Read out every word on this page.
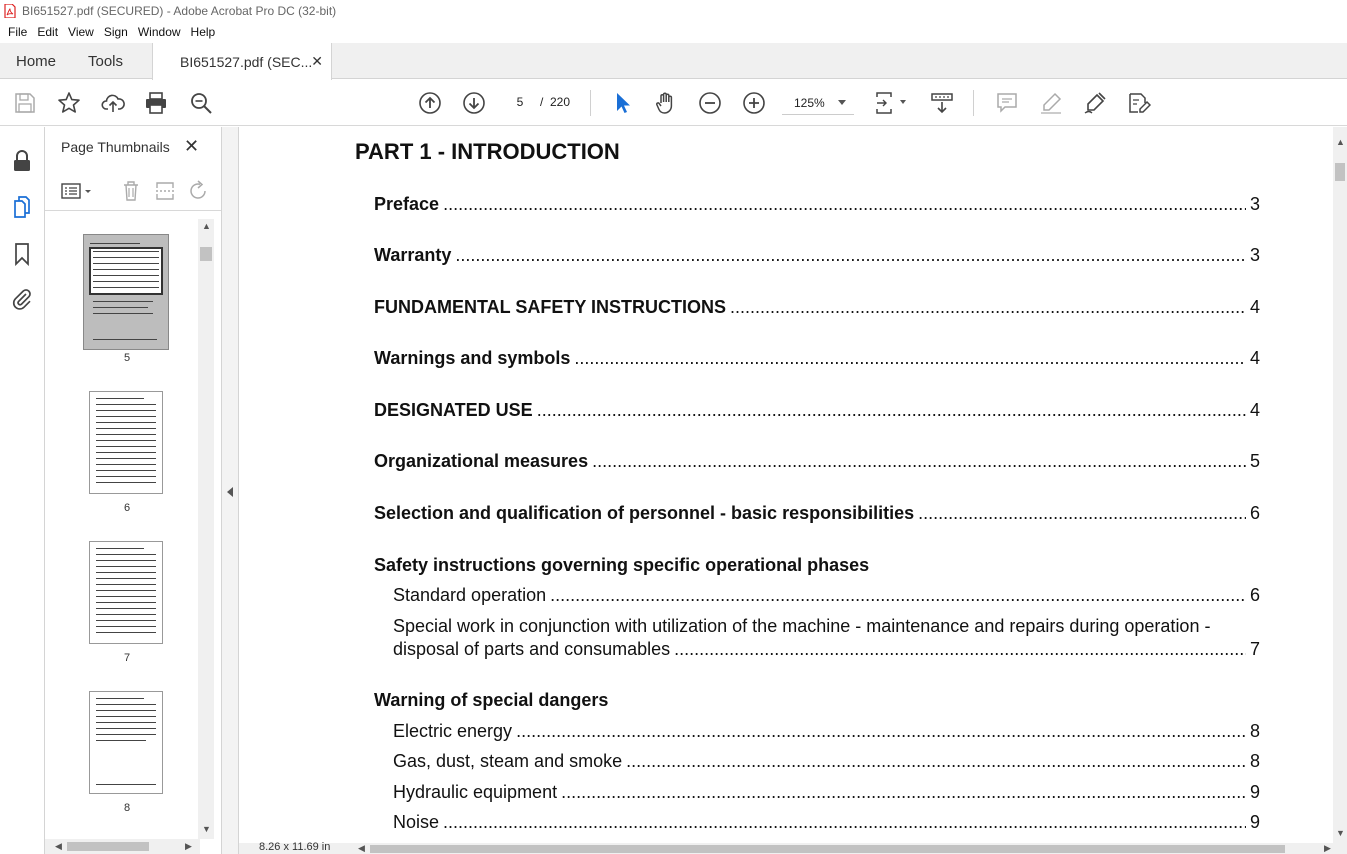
BI651527.pdf (SECURED) - Adobe Acrobat Pro DC (32-bit)
File Edit View Sign Window Help
Home Tools	BI651527.pdf (SEC...
✕
5
/ 220	125%
Page Thumbnails ✕
5
6
7
8
▲
▼
◀	▶
PART 1 - INTRODUCTION
Preface .....	3
Warranty .....	3
FUNDAMENTAL SAFETY INSTRUCTIONS .....	4
Warnings and symbols .....	4
DESIGNATED USE .....	4
Organizational measures .....	5
Selection and qualification of personnel - basic responsibilities .....	6
Safety instructions governing specific operational phases
Standard operation .....	6
Special work in conjunction with utilization of the machine - maintenance and repairs during operation -
disposal of parts and consumables .....	7
Warning of special dangers
Electric energy .....	8
Gas, dust, steam and smoke .....	8
Hydraulic equipment .....	9
Noise .....	9
▲
▼
8.26 x 11.69 in	◀	▶
